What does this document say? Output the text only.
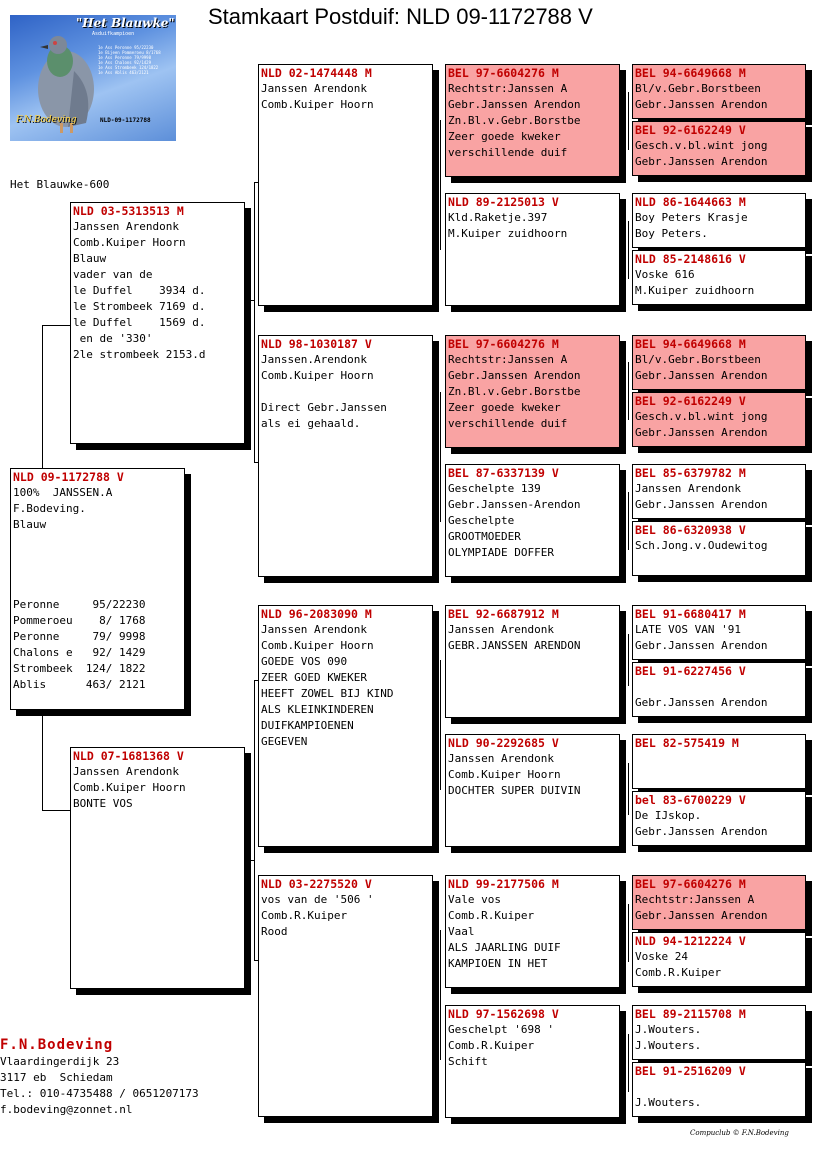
Stamkaart Postduif: NLD 09-1172788 V
"Het Blauwke"
Asduifkampioen
1e Ass Peronne 95/22230
1e Bijeen Pommeroeu 8/1768
1e Ass Peronne 79/9998
1e Ass Chalons 92/1429
1e Ass Strombeek 124/1822
1e Ass Ablis 463/2121
F.N.Bodeving	NLD-09-1172788
Het Blauwke-600
NLD 09-1172788 V
100%  JANSSEN.A
F.Bodeving.
Blauw
Peronne     95/22230
Pommeroeu    8/ 1768
Peronne     79/ 9998
Chalons e   92/ 1429
Strombeek  124/ 1822
Ablis      463/ 2121
NLD 03-5313513 M
Janssen Arendonk
Comb.Kuiper Hoorn
Blauw
vader van de
le Duffel    3934 d.
le Strombeek 7169 d.
le Duffel    1569 d.
en de '330'
2le strombeek 2153.d
NLD 07-1681368 V
Janssen Arendonk
Comb.Kuiper Hoorn
BONTE VOS
NLD 02-1474448 M
Janssen Arendonk
Comb.Kuiper Hoorn
NLD 98-1030187 V
Janssen.Arendonk
Comb.Kuiper Hoorn
Direct Gebr.Janssen
als ei gehaald.
NLD 96-2083090 M
Janssen Arendonk
Comb.Kuiper Hoorn
GOEDE VOS 090
ZEER GOED KWEKER
HEEFT ZOWEL BIJ KIND
ALS KLEINKINDEREN
DUIFKAMPIOENEN
GEGEVEN
NLD 03-2275520 V
vos van de '506 '
Comb.R.Kuiper
Rood
BEL 97-6604276 M
Rechtstr:Janssen A
Gebr.Janssen Arendon
Zn.Bl.v.Gebr.Borstbe
Zeer goede kweker
verschillende duif
NLD 89-2125013 V
Kld.Raketje.397
M.Kuiper zuidhoorn
BEL 97-6604276 M
Rechtstr:Janssen A
Gebr.Janssen Arendon
Zn.Bl.v.Gebr.Borstbe
Zeer goede kweker
verschillende duif
BEL 87-6337139 V
Geschelpte 139
Gebr.Janssen-Arendon
Geschelpte
GROOTMOEDER
OLYMPIADE DOFFER
BEL 92-6687912 M
Janssen Arendonk
GEBR.JANSSEN ARENDON
NLD 90-2292685 V
Janssen Arendonk
Comb.Kuiper Hoorn
DOCHTER SUPER DUIVIN
NLD 99-2177506 M
Vale vos
Comb.R.Kuiper
Vaal
ALS JAARLING DUIF
KAMPIOEN IN HET
NLD 97-1562698 V
Geschelpt '698 '
Comb.R.Kuiper
Schift
BEL 94-6649668 M
Bl/v.Gebr.Borstbeen
Gebr.Janssen Arendon
BEL 92-6162249 V
Gesch.v.bl.wint jong
Gebr.Janssen Arendon
NLD 86-1644663 M
Boy Peters Krasje
Boy Peters.
NLD 85-2148616 V
Voske 616
M.Kuiper zuidhoorn
BEL 94-6649668 M
Bl/v.Gebr.Borstbeen
Gebr.Janssen Arendon
BEL 92-6162249 V
Gesch.v.bl.wint jong
Gebr.Janssen Arendon
BEL 85-6379782 M
Janssen Arendonk
Gebr.Janssen Arendon
BEL 86-6320938 V
Sch.Jong.v.Oudewitog
BEL 91-6680417 M
LATE VOS VAN '91
Gebr.Janssen Arendon
BEL 91-6227456 V

Gebr.Janssen Arendon
BEL 82-575419 M
bel 83-6700229 V
De IJskop.
Gebr.Janssen Arendon
BEL 97-6604276 M
Rechtstr:Janssen A
Gebr.Janssen Arendon
NLD 94-1212224 V
Voske 24
Comb.R.Kuiper
BEL 89-2115708 M
J.Wouters.
J.Wouters.
BEL 91-2516209 V

J.Wouters.
F.N.Bodeving
Vlaardingerdijk 23
3117 eb  Schiedam
Tel.: 010-4735488 / 0651207173
f.bodeving@zonnet.nl
Compuclub © F.N.Bodeving
